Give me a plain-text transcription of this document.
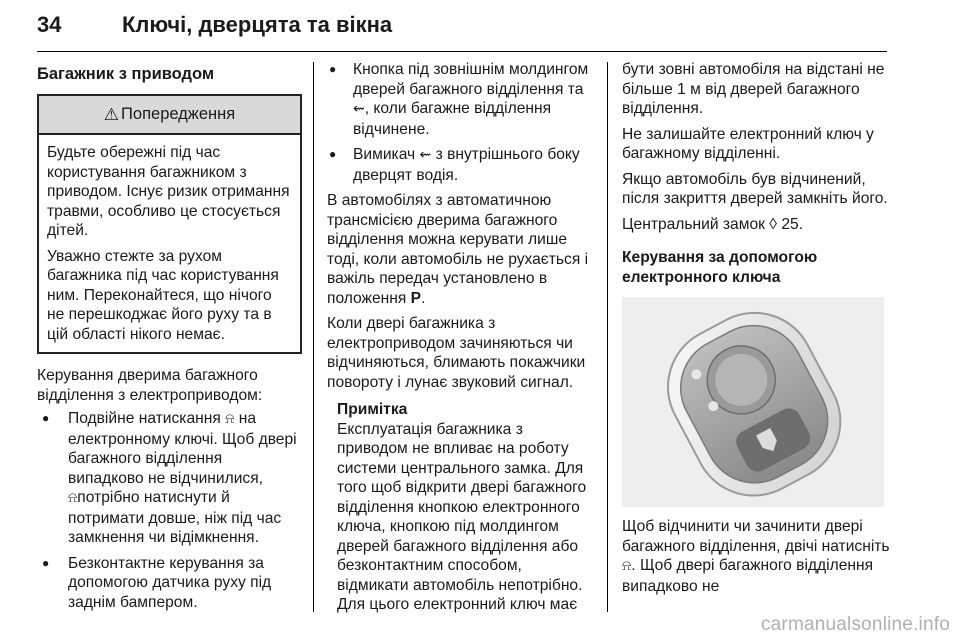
34	Ключі, дверцята та вікна
Багажник з приводом
⚠ Попередження

Будьте обережні під час користування багажником з приводом. Існує ризик отримання травми, особливо це стосується дітей.

Уважно стежте за рухом багажника під час користування ним. Переконайтеся, що нічого не перешкоджає його руху та в цій області нікого немає.

Керування дверима багажного відділення з електроприводом:

● Подвійне натискання ⍾ на електронному ключі. Щоб двері багажного відділення випадково не відчинилися, ⍾потрібно натиснути й потримати довше, ніж під час замкнення чи відімкнення.
● Безконтактне керування за допомогою датчика руху під заднім бампером.
● Кнопка під зовнішнім молдингом дверей багажного відділення та ⇜, коли багажне відділення відчинене.
● Вимикач ⇜ з внутрішнього боку дверцят водія.

В автомобілях з автоматичною трансмісією дверима багажного відділення можна керувати лише тоді, коли автомобіль не рухається і важіль передач установлено в положення P.

Коли двері багажника з електроприводом зачиняються чи відчиняються, блимають покажчики повороту і лунає звуковий сигнал.

Примітка
Експлуатація багажника з приводом не впливає на роботу системи центрального замка. Для того щоб відкрити двері багажного відділення кнопкою електронного ключа, кнопкою під молдингом дверей багажного відділення або безконтактним способом, відмикати автомобіль непотрібно. Для цього електронний ключ має

бути зовні автомобіля на відстані не більше 1 м від дверей багажного відділення.

Не залишайте електронний ключ у багажному відділенні.

Якщо автомобіль був відчинений, після закриття дверей замкніть його.

Центральний замок ◊ 25.

Керування за допомогою електронного ключа

Щоб відчинити чи зачинити двері багажного відділення, двічі натисніть ⍾. Щоб двері багажного відділення випадково не

carmanualsonline.info
